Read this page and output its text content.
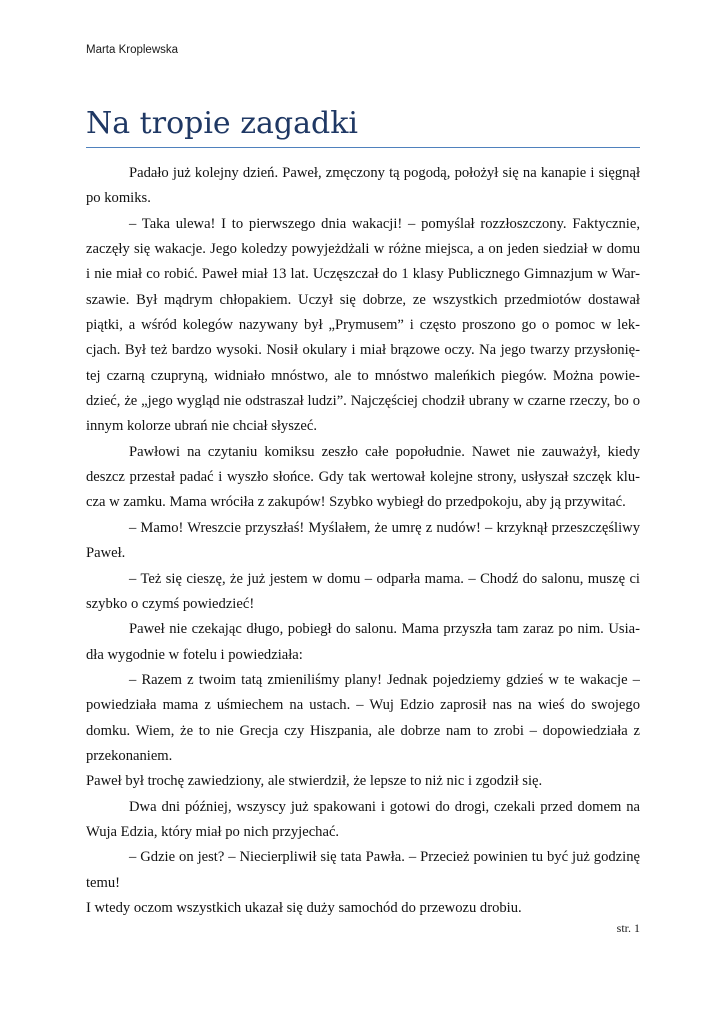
Marta Kroplewska
Na tropie zagadki
Padało już kolejny dzień. Paweł, zmęczony tą pogodą, położył się na kanapie i sięgnął
po komiks.
– Taka ulewa! I to pierwszego dnia wakacji! – pomyślał rozzłoszczony. Faktycznie,
zaczęły się wakacje. Jego koledzy powyjeżdżali w różne miejsca, a on jeden siedział w domu
i nie miał co robić. Paweł miał 13 lat. Uczęszczał do 1 klasy Publicznego Gimnazjum w War-
szawie. Był mądrym chłopakiem. Uczył się dobrze, ze wszystkich przedmiotów dostawał
piątki, a wśród kolegów nazywany był „Prymusem” i często proszono go o pomoc w lek-
cjach. Był też bardzo wysoki. Nosił okulary i miał brązowe oczy. Na jego twarzy przysłonię-
tej czarną czupryną, widniało mnóstwo, ale to mnóstwo maleńkich piegów. Można powie-
dzieć, że „jego wygląd nie odstraszał ludzi”. Najczęściej chodził ubrany w czarne rzeczy, bo o
innym kolorze ubrań nie chciał słyszeć.
Pawłowi na czytaniu komiksu zeszło całe popołudnie. Nawet nie zauważył, kiedy
deszcz przestał padać i wyszło słońce. Gdy tak wertował kolejne strony, usłyszał szczęk klu-
cza w zamku. Mama wróciła z zakupów! Szybko wybiegł do przedpokoju, aby ją przywitać.
– Mamo! Wreszcie przyszłaś! Myślałem, że umrę z nudów! – krzyknął przeszczęśliwy
Paweł.
– Też się cieszę, że już jestem w domu – odparła mama. – Chodź do salonu, muszę ci
szybko o czymś powiedzieć!
Paweł nie czekając długo, pobiegł do salonu. Mama przyszła tam zaraz po nim. Usia-
dła wygodnie w fotelu i powiedziała:
– Razem z twoim tatą zmieniliśmy plany! Jednak pojedziemy gdzieś w te wakacje –
powiedziała mama z uśmiechem na ustach. – Wuj Edzio zaprosił nas na wieś do swojego
domku. Wiem, że to nie Grecja czy Hiszpania, ale dobrze nam to zrobi – dopowiedziała z
przekonaniem.
Paweł był trochę zawiedziony, ale stwierdził, że lepsze to niż nic i zgodził się.
Dwa dni później, wszyscy już spakowani i gotowi do drogi, czekali przed domem na
Wuja Edzia, który miał po nich przyjechać.
– Gdzie on jest? – Niecierpliwił się tata Pawła. – Przecież powinien tu być już godzinę
temu!
I wtedy oczom wszystkich ukazał się duży samochód do przewozu drobiu.
str. 1
